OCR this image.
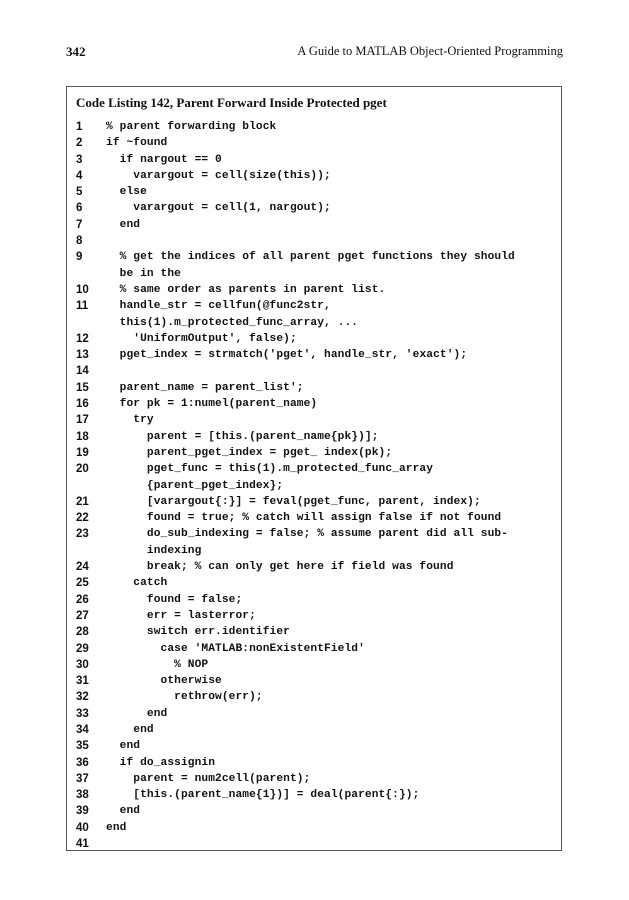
342	A Guide to MATLAB Object-Oriented Programming
Code Listing 142, Parent Forward Inside Protected pget
1	% parent forwarding block
2	if ~found
3	if nargout == 0
4	varargout = cell(size(this));
5	else
6	varargout = cell(1, nargout);
7	end
8
9	% get the indices of all parent pget functions they should
be in the
10	% same order as parents in parent list.
11	handle_str = cellfun(@func2str,
this(1).m_protected_func_array, ...
12	'UniformOutput', false);
13	pget_index = strmatch('pget', handle_str, 'exact');
14
15	parent_name = parent_list';
16	for pk = 1:numel(parent_name)
17	try
18	parent = [this.(parent_name{pk})];
19	parent_pget_index = pget_ index(pk);
20	pget_func = this(1).m_protected_func_array
{parent_pget_index};
21	[varargout{:}] = feval(pget_func, parent, index);
22	found = true; % catch will assign false if not found
23	do_sub_indexing = false; % assume parent did all sub-
indexing
24	break; % can only get here if field was found
25	catch
26	found = false;
27	err = lasterror;
28	switch err.identifier
29	case 'MATLAB:nonExistentField'
30	% NOP
31	otherwise
32	rethrow(err);
33	end
34	end
35	end
36	if do_assignin
37	parent = num2cell(parent);
38	[this.(parent_name{1})] = deal(parent{:});
39	end
40	end
41
